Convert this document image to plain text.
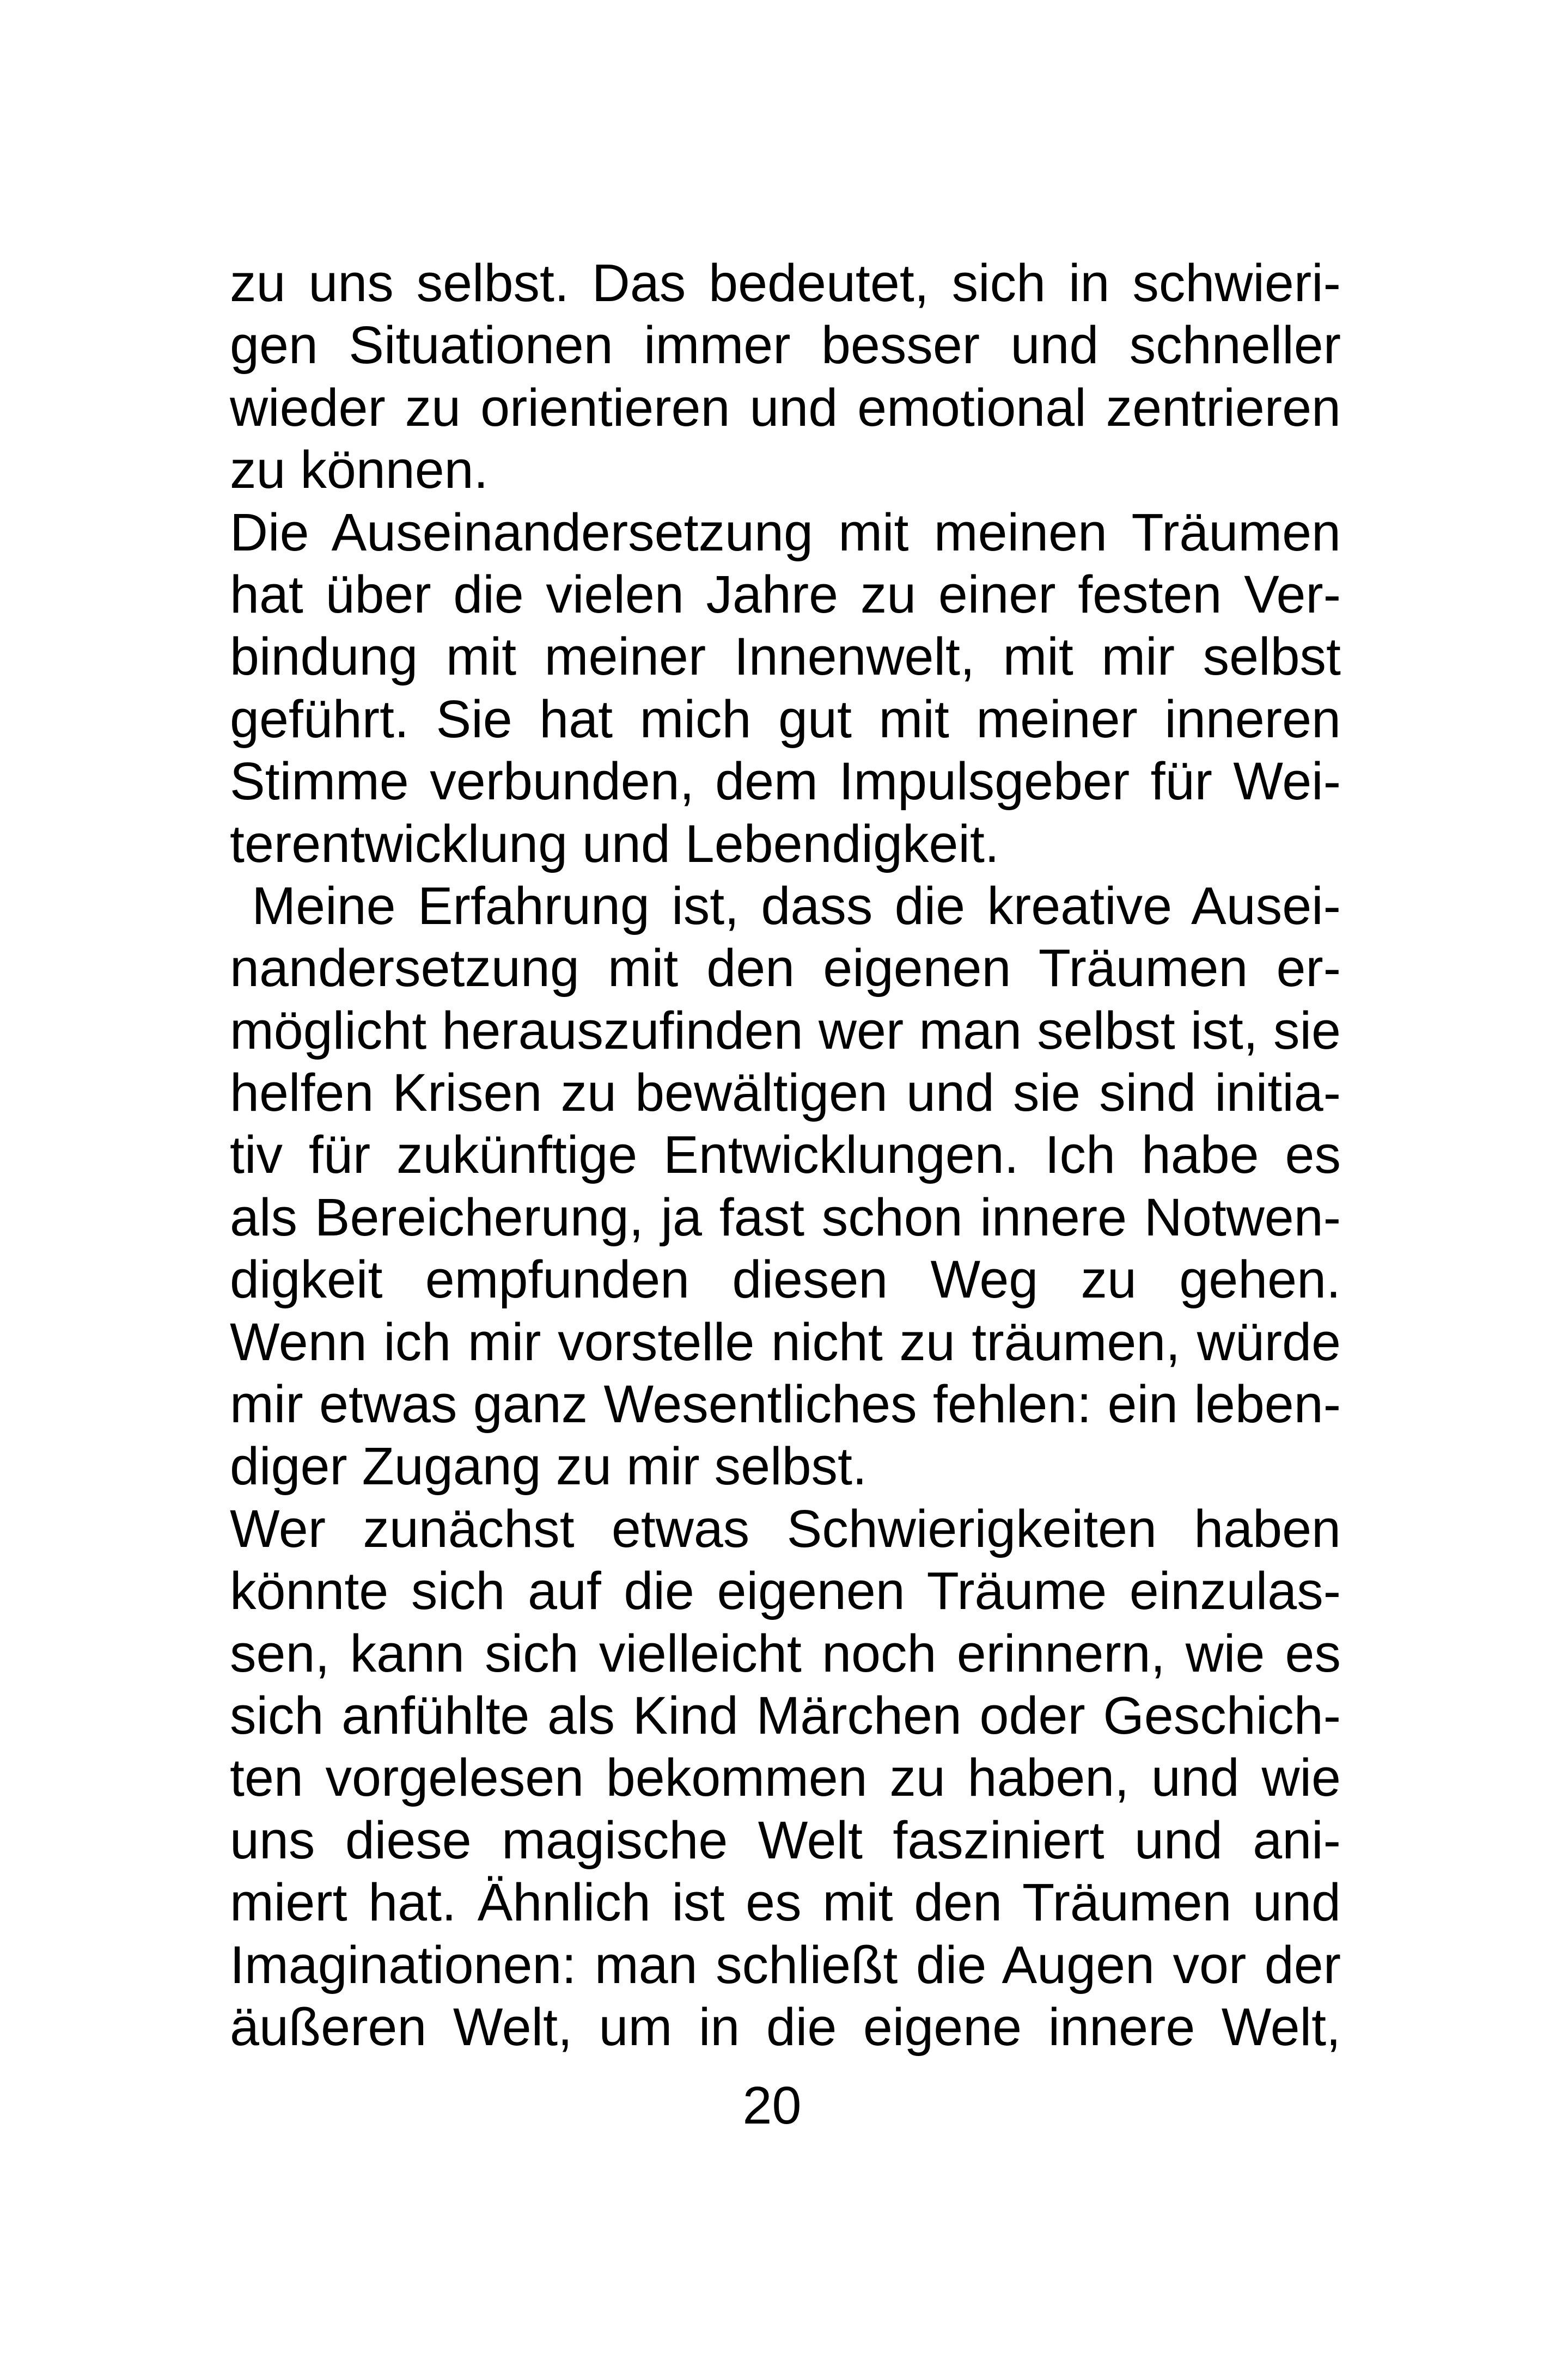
zu uns selbst. Das bedeutet, sich in schwieri-
gen Situationen immer besser und schneller
wieder zu orientieren und emotional zentrieren
zu können.
Die Auseinandersetzung mit meinen Träumen
hat über die vielen Jahre zu einer festen Ver-
bindung mit meiner Innenwelt, mit mir selbst
geführt. Sie hat mich gut mit meiner inneren
Stimme verbunden, dem Impulsgeber für Wei-
terentwicklung und Lebendigkeit.
Meine Erfahrung ist, dass die kreative Ausei-
nandersetzung mit den eigenen Träumen er-
möglicht herauszufinden wer man selbst ist, sie
helfen Krisen zu bewältigen und sie sind initia-
tiv für zukünftige Entwicklungen. Ich habe es
als Bereicherung, ja fast schon innere Notwen-
digkeit empfunden diesen Weg zu gehen.
Wenn ich mir vorstelle nicht zu träumen, würde
mir etwas ganz Wesentliches fehlen: ein leben-
diger Zugang zu mir selbst.
Wer zunächst etwas Schwierigkeiten haben
könnte sich auf die eigenen Träume einzulas-
sen, kann sich vielleicht noch erinnern, wie es
sich anfühlte als Kind Märchen oder Geschich-
ten vorgelesen bekommen zu haben, und wie
uns diese magische Welt fasziniert und ani-
miert hat. Ähnlich ist es mit den Träumen und
Imaginationen: man schließt die Augen vor der
äußeren Welt, um in die eigene innere Welt,
20
